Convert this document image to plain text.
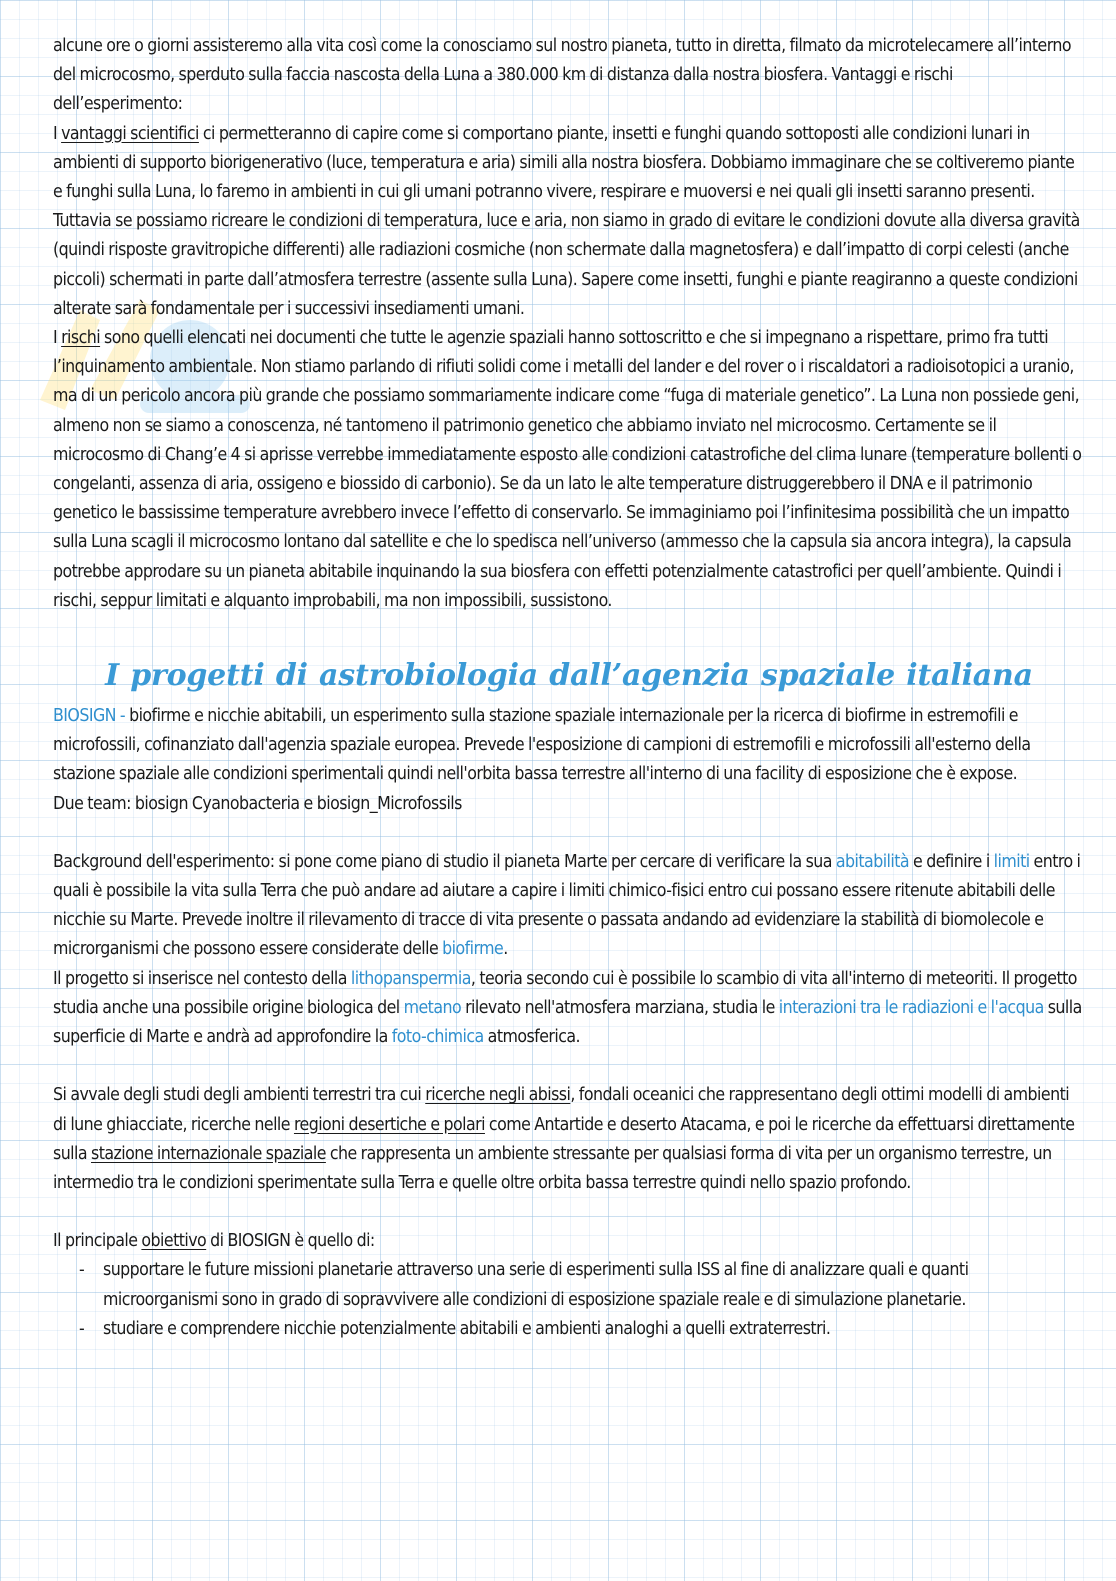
alcune ore o giorni assisteremo alla vita così come la conosciamo sul nostro pianeta, tutto in diretta, filmato da microtelecamere all’interno del microcosmo, sperduto sulla faccia nascosta della Luna a 380.000 km di distanza dalla nostra biosfera. Vantaggi e rischi dell’esperimento:

I vantaggi scientifici ci permetteranno di capire come si comportano piante, insetti e funghi quando sottoposti alle condizioni lunari in ambienti di supporto biorigenerativo (luce, temperatura e aria) simili alla nostra biosfera. Dobbiamo immaginare che se coltiveremo piante e funghi sulla Luna, lo faremo in ambienti in cui gli umani potranno vivere, respirare e muoversi e nei quali gli insetti saranno presenti. Tuttavia se possiamo ricreare le condizioni di temperatura, luce e aria, non siamo in grado di evitare le condizioni dovute alla diversa gravità (quindi risposte gravitropiche differenti) alle radiazioni cosmiche (non schermate dalla magnetosfera) e dall’impatto di corpi celesti (anche piccoli) schermati in parte dall’atmosfera terrestre (assente sulla Luna). Sapere come insetti, funghi e piante reagiranno a queste condizioni alterate sarà fondamentale per i successivi insediamenti umani.

I rischi sono quelli elencati nei documenti che tutte le agenzie spaziali hanno sottoscritto e che si impegnano a rispettare, primo fra tutti l’inquinamento ambientale. Non stiamo parlando di rifiuti solidi come i metalli del lander e del rover o i riscaldatori a radioisotopici a uranio, ma di un pericolo ancora più grande che possiamo sommariamente indicare come “fuga di materiale genetico”. La Luna non possiede geni, almeno non se siamo a conoscenza, né tantomeno il patrimonio genetico che abbiamo inviato nel microcosmo. Certamente se il microcosmo di Chang’e 4 si aprisse verrebbe immediatamente esposto alle condizioni catastrofiche del clima lunare (temperature bollenti o congelanti, assenza di aria, ossigeno e biossido di carbonio). Se da un lato le alte temperature distruggerebbero il DNA e il patrimonio genetico le bassissime temperature avrebbero invece l’effetto di conservarlo. Se immaginiamo poi l’infinitesima possibilità che un impatto sulla Luna scagli il microcosmo lontano dal satellite e che lo spedisca nell’universo (ammesso che la capsula sia ancora integra), la capsula potrebbe approdare su un pianeta abitabile inquinando la sua biosfera con effetti potenzialmente catastrofici per quell’ambiente. Quindi i rischi, seppur limitati e alquanto improbabili, ma non impossibili, sussistono.

I progetti di astrobiologia dall’agenzia spaziale italiana

BIOSIGN - biofirme e nicchie abitabili, un esperimento sulla stazione spaziale internazionale per la ricerca di biofirme in estremofili e microfossili, cofinanziato dall'agenzia spaziale europea. Prevede l'esposizione di campioni di estremofili e microfossili all'esterno della stazione spaziale alle condizioni sperimentali quindi nell'orbita bassa terrestre all'interno di una facility di esposizione che è expose.

Due team: biosign Cyanobacteria e biosign_Microfossils

Background dell'esperimento: si pone come piano di studio il pianeta Marte per cercare di verificare la sua abitabilità e definire i limiti entro i quali è possibile la vita sulla Terra che può andare ad aiutare a capire i limiti chimico-fisici entro cui possano essere ritenute abitabili delle nicchie su Marte. Prevede inoltre il rilevamento di tracce di vita presente o passata andando ad evidenziare la stabilità di biomolecole e microrganismi che possono essere considerate delle biofirme.

Il progetto si inserisce nel contesto della lithopanspermia, teoria secondo cui è possibile lo scambio di vita all'interno di meteoriti. Il progetto studia anche una possibile origine biologica del metano rilevato nell'atmosfera marziana, studia le interazioni tra le radiazioni e l'acqua sulla superficie di Marte e andrà ad approfondire la foto-chimica atmosferica.

Si avvale degli studi degli ambienti terrestri tra cui ricerche negli abissi, fondali oceanici che rappresentano degli ottimi modelli di ambienti di lune ghiacciate, ricerche nelle regioni desertiche e polari come Antartide e deserto Atacama, e poi le ricerche da effettuarsi direttamente sulla stazione internazionale spaziale che rappresenta un ambiente stressante per qualsiasi forma di vita per un organismo terrestre, un intermedio tra le condizioni sperimentate sulla Terra e quelle oltre orbita bassa terrestre quindi nello spazio profondo.

Il principale obiettivo di BIOSIGN è quello di:

- supportare le future missioni planetarie attraverso una serie di esperimenti sulla ISS al fine di analizzare quali e quanti microorganismi sono in grado di sopravvivere alle condizioni di esposizione spaziale reale e di simulazione planetarie.
- studiare e comprendere nicchie potenzialmente abitabili e ambienti analoghi a quelli extraterrestri.
